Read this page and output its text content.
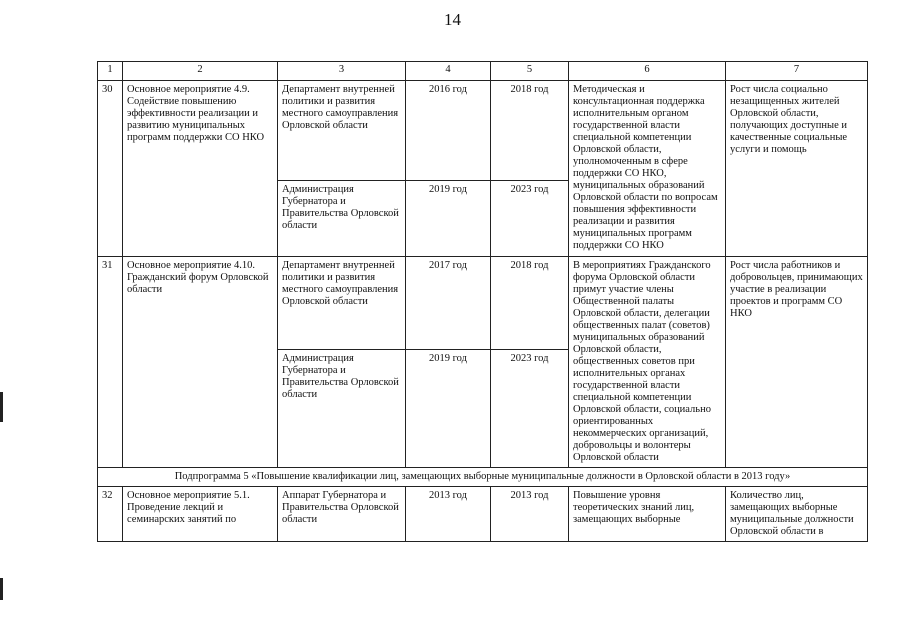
14
1	2	3	4	5	6	7
30	Основное мероприятие 4.9. Содействие повышению эффективности реализации и развитию муниципальных программ поддержки СО НКО	Департамент внутренней политики и развития местного самоуправления Орловской области	2016 год	2018 год	Методическая и консультационная поддержка исполнительным органом государственной власти специальной компетенции Орловской области, уполномоченным в сфере поддержки СО НКО, муниципальных образований Орловской области по вопросам повышения эффективности реализации и развития муниципальных программ поддержки СО НКО	Рост числа социально незащищенных жителей Орловской области, получающих доступные и качественные социальные услуги и помощь
		Администрация Губернатора и Правительства Орловской области	2019 год	2023 год		
31	Основное мероприятие 4.10. Гражданский форум Орловской области	Департамент внутренней политики и развития местного самоуправления Орловской области	2017 год	2018 год	В мероприятиях Гражданского форума Орловской области примут участие члены Общественной палаты Орловской области, делегации общественных палат (советов) муниципальных образований Орловской области, общественных советов при исполнительных органах государственной власти специальной компетенции Орловской области, социально ориентированных некоммерческих организаций, добровольцы и волонтеры Орловской области	Рост числа работников и добровольцев, принимающих участие в реализации проектов и программ СО НКО
		Администрация Губернатора и Правительства Орловской области	2019 год	2023 год		
Подпрограмма 5 «Повышение квалификации лиц, замещающих выборные муниципальные должности в Орловской области в 2013 году»						
32	Основное мероприятие 5.1. Проведение лекций и семинарских занятий по	Аппарат Губернатора и Правительства Орловской области	2013 год	2013 год	Повышение уровня теоретических знаний лиц, замещающих выборные	Количество лиц, замещающих выборные муниципальные должности Орловской области в
